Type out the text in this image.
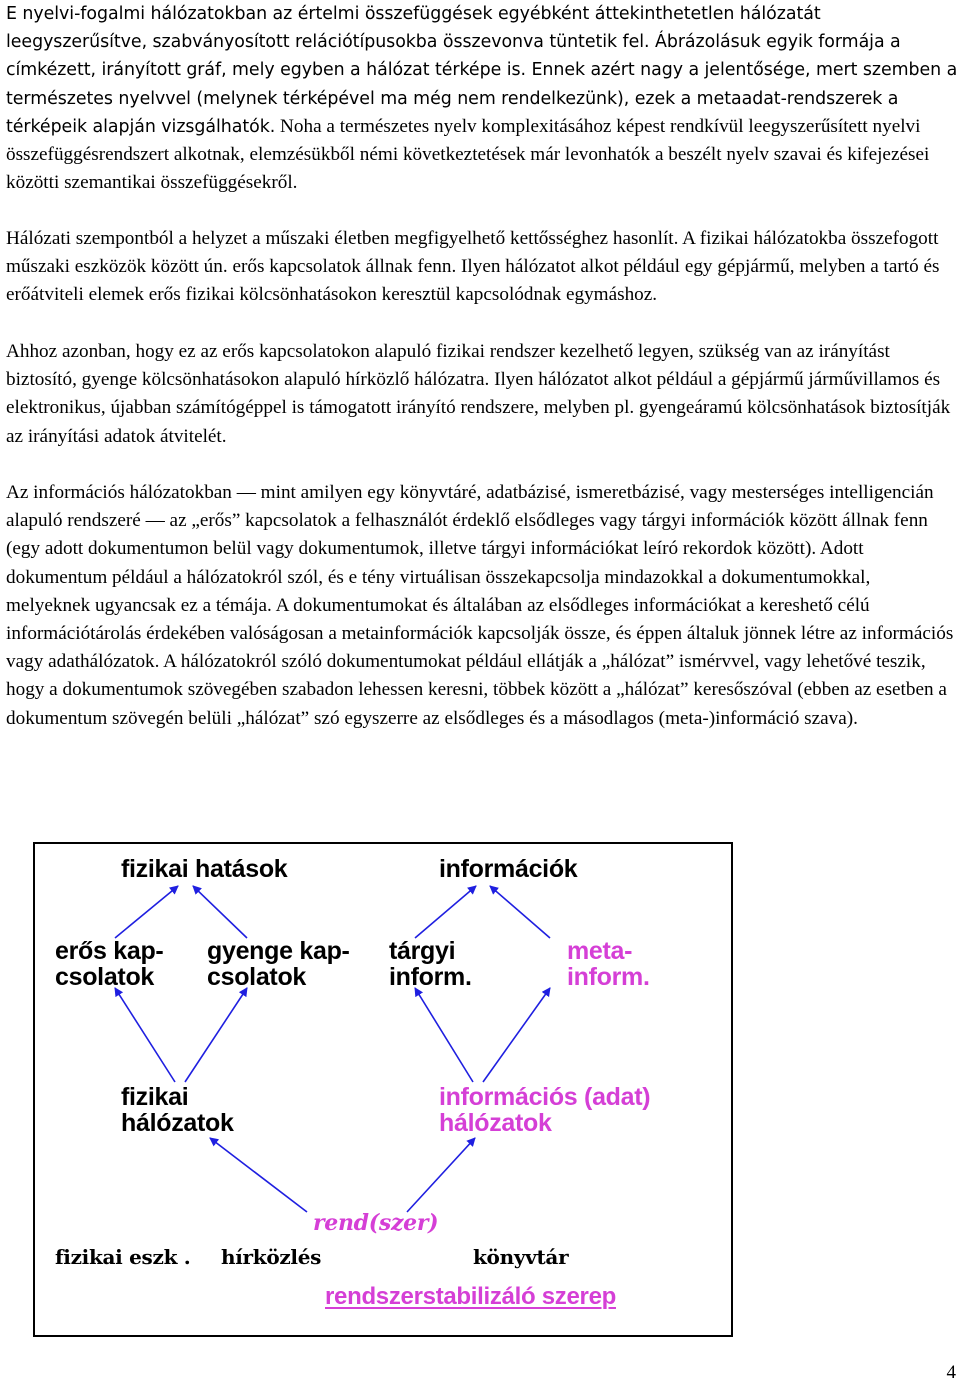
E nyelvi-fogalmi hálózatokban az értelmi összefüggések egyébként áttekinthetetlen hálózatát leegyszerűsítve, szabványosított relációtípusokba összevonva tüntetik fel. Ábrázolásuk egyik formája a címkézett, irányított gráf, mely egyben a hálózat térképe is. Ennek azért nagy a jelentősége, mert szemben a természetes nyelvvel (melynek térképével ma még nem rendelkezünk), ezek a metaadat-rendszerek a térképeik alapján vizsgálhatók. Noha a természetes nyelv komplexitásához képest rendkívül leegyszerűsített nyelvi összefüggésrendszert alkotnak, elemzésükből némi következtetések már levonhatók a beszélt nyelv szavai és kifejezései közötti szemantikai összefüggésekről.

Hálózati szempontból a helyzet a műszaki életben megfigyelhető kettősséghez hasonlít. A fizikai hálózatokba összefogott műszaki eszközök között ún. erős kapcsolatok állnak fenn. Ilyen hálózatot alkot például egy gépjármű, melyben a tartó és erőátviteli elemek erős fizikai kölcsönhatásokon keresztül kapcsolódnak egymáshoz.

Ahhoz azonban, hogy ez az erős kapcsolatokon alapuló fizikai rendszer kezelhető legyen, szükség van az irányítást biztosító, gyenge kölcsönhatásokon alapuló hírközlő hálózatra. Ilyen hálózatot alkot például a gépjármű járművillamos és elektronikus, újabban számítógéppel is támogatott irányító rendszere, melyben pl. gyengeáramú kölcsönhatások biztosítják az irányítási adatok átvitelét.

Az információs hálózatokban — mint amilyen egy könyvtáré, adatbázisé, ismeretbázisé, vagy mesterséges intelligencián alapuló rendszeré — az „erős” kapcsolatok a felhasználót érdeklő elsődleges vagy tárgyi információk között állnak fenn (egy adott dokumentumon belül vagy dokumentumok, illetve tárgyi információkat leíró rekordok között). Adott dokumentum például a hálózatokról szól, és e tény virtuálisan összekapcsolja mindazokkal a dokumentumokkal, melyeknek ugyancsak ez a témája. A dokumentumokat és általában az elsődleges információkat a kereshető célú információtárolás érdekében valóságosan a metainformációk kapcsolják össze, és éppen általuk jönnek létre az információs vagy adathálózatok. A hálózatokról szóló dokumentumokat például ellátják a „hálózat” ismérvvel, vagy lehetővé teszik, hogy a dokumentumok szövegében szabadon lehessen keresni, többek között a „hálózat” keresőszóval (ebben az esetben a dokumentum szövegén belüli „hálózat” szó egyszerre az elsődleges és a másodlagos (meta-)információ szava).

fizikai hatások	információk
erős kap-
csolatok
gyenge kap-
csolatok
tárgyi
inform.
meta-
inform.
fizikai
hálózatok
információs (adat)
hálózatok
rend(szer)
fizikai eszk . hírközlés	könyvtár
rendszerstabilizáló szerep
4
